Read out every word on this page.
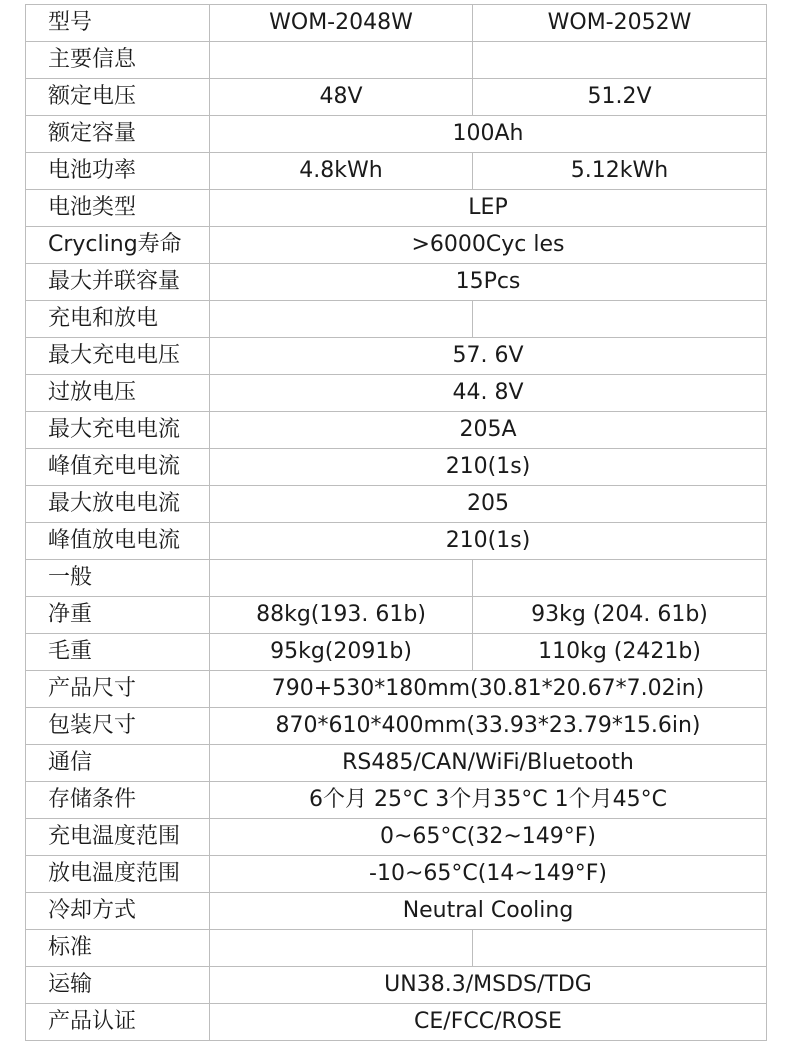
型号	WOM-2048W	WOM-2052W
主要信息		
额定电压	48V	51.2V
额定容量	100Ah	
电池功率	4.8kWh	5.12kWh
电池类型	LEP	
Crycling寿命	>6000Cyc les	
最大并联容量	15Pcs	
充电和放电		
最大充电电压	57. 6V	
过放电压	44. 8V	
最大充电电流	205A	
峰值充电电流	210(1s)	
最大放电电流	205	
峰值放电电流	210(1s)	
一般		
净重	88kg(193. 61b)	93kg (204. 61b)
毛重	95kg(2091b)	110kg (2421b)
产品尺寸	790+530*180mm(30.81*20.67*7.02in)	
包装尺寸	870*610*400mm(33.93*23.79*15.6in)	
通信	RS485/CAN/WiFi/Bluetooth	
存储条件	6个月 25°C 3个月35°C 1个月45°C	
充电温度范围	0~65°C(32~149°F)	
放电温度范围	-10~65°C(14~149°F)	
冷却方式	Neutral Cooling	
标准		
运输	UN38.3/MSDS/TDG	
产品认证	CE/FCC/ROSE	
